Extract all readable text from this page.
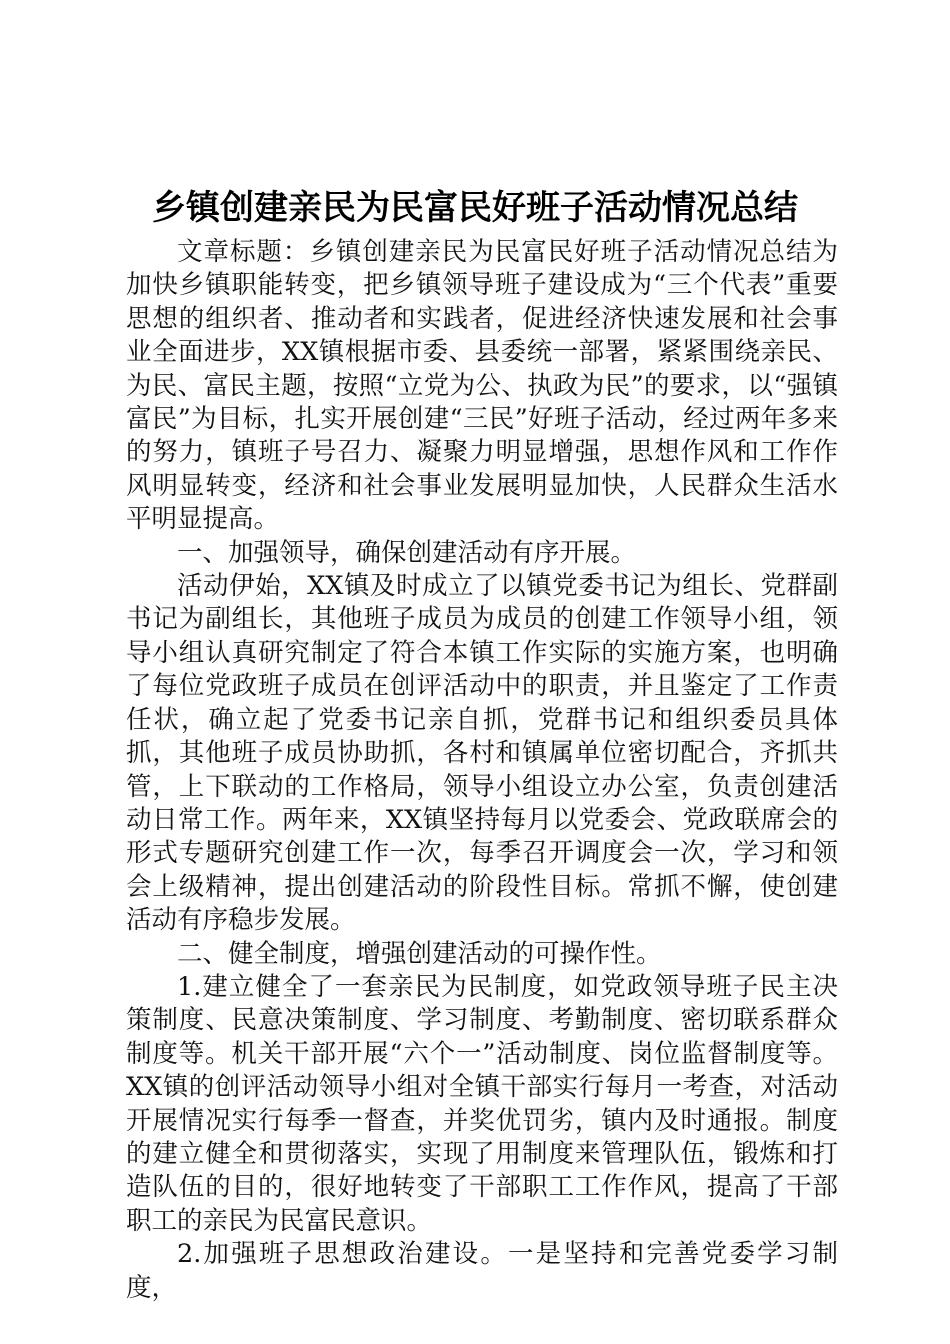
乡镇创建亲民为民富民好班子活动情况总结

文章标题：乡镇创建亲民为民富民好班子活动情况总结为加快乡镇职能转变，把乡镇领导班子建设成为“三个代表”重要思想的组织者、推动者和实践者，促进经济快速发展和社会事业全面进步，XX镇根据市委、县委统一部署，紧紧围绕亲民、为民、富民主题，按照“立党为公、执政为民”的要求，以“强镇富民”为目标，扎实开展创建“三民”好班子活动，经过两年多来的努力，镇班子号召力、凝聚力明显增强，思想作风和工作作风明显转变，经济和社会事业发展明显加快，人民群众生活水平明显提高。

一、加强领导，确保创建活动有序开展。

活动伊始，XX镇及时成立了以镇党委书记为组长、党群副书记为副组长，其他班子成员为成员的创建工作领导小组，领导小组认真研究制定了符合本镇工作实际的实施方案，也明确了每位党政班子成员在创评活动中的职责，并且鉴定了工作责任状，确立起了党委书记亲自抓，党群书记和组织委员具体抓，其他班子成员协助抓，各村和镇属单位密切配合，齐抓共管，上下联动的工作格局，领导小组设立办公室，负责创建活动日常工作。两年来，XX镇坚持每月以党委会、党政联席会的形式专题研究创建工作一次，每季召开调度会一次，学习和领会上级精神，提出创建活动的阶段性目标。常抓不懈，使创建活动有序稳步发展。

二、健全制度，增强创建活动的可操作性。

1.建立健全了一套亲民为民制度，如党政领导班子民主决策制度、民意决策制度、学习制度、考勤制度、密切联系群众制度等。机关干部开展“六个一”活动制度、岗位监督制度等。XX镇的创评活动领导小组对全镇干部实行每月一考查，对活动开展情况实行每季一督查，并奖优罚劣，镇内及时通报。制度的建立健全和贯彻落实，实现了用制度来管理队伍，锻炼和打造队伍的目的，很好地转变了干部职工工作作风，提高了干部职工的亲民为民富民意识。

2.加强班子思想政治建设。一是坚持和完善党委学习制度，
